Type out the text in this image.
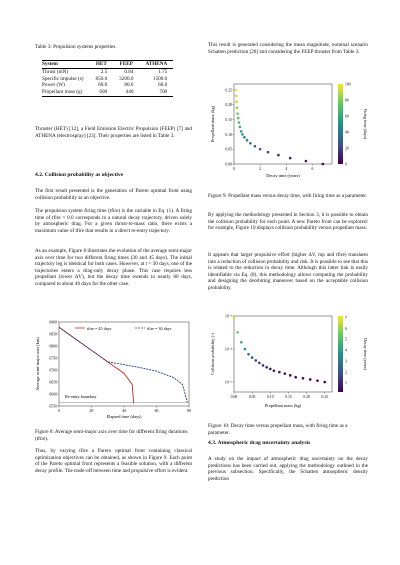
Table 3: Propulsion systems properties.
System	HET	FEEP	ATHENA
Thrust (mN)	2.5	0.84	1.75
Specific impulse (s)	850.0	3200.0	1500.0
Power (W)	60.0	80.0	60.0
Propellant mass (g)	600	440	700

Thruster (HET) [12], a Field Emission Electric Propulsion (FEEP) [7] and ATHENA (electrospray) [23]. Their properties are listed in Table 3.

4.2. Collision probability as objective

The first result presented is the generation of Pareto optimal front using collision probability as an objective.

The propulsion system firing time (tfire) is the variable in Eq. (1). A firing time of tfire = 0.0 corresponds to a natural decay trajectory, driven solely by atmospheric drag. For a given thrust-to-mass ratio, there exists a maximum value of tfire that results in a direct re-entry trajectory.

As an example, Figure 8 illustrates the evolution of the average semi-major axis over time for two different firing times (30 and 45 days). The initial trajectory leg is identical for both cases. However, at t = 30 days, one of the trajectories enters a drag-only decay phase. This case requires less propellant (lower ΔV), but the decay time extends to nearly 80 days, compared to about 46 days for the other case.

tfire = 45 days	tfire = 30 days
6900
6850
6800
6750
6700
6650
6600
6550
0	20	40	60	80
Re-entry boundary
Elapsed time (days)
Average semi-major axis (km)

Figure 8: Average semi-major axis over time for different firing durations (tfire).

Thus, by varying tfire a Pareto optimal front containing classical optimization objectives can be obtained, as shown in Figure 9. Each point of the Pareto optimal front represents a feasible solution, with a different decay profile. The trade-off between time and propulsive effort is evident.

This result is generated considering the mean magnitude, nominal scenario Schatten prediction [20] and considering the FEEP thruster from Table 3.

0.00
0.05
0.10
0.15
0.20
0.25
0	2	4	6
0
20
40
60
80
100
Decay time (years)
Propellant mass (kg)	Firing time (days)

Figure 9: Propellant mass versus decay time, with firing time as a parameter.

By applying the methodology presented in Section 3, it is possible to obtain the collision probability for each point. A new Pareto front can be explored: for example, Figure 10 displays collision probability versus propellant mass.

It appears that larger propulsive effort (higher ΔV, mp and tfire) translates into a reduction of collision probability and risk. It is possible to see that this is related to the reduction in decay time. Although this latter link is easily identifiable via Eq. (8), this methodology allows computing the probability and designing the deorbiting maneuver based on the acceptable collision probability.

10⁻³
10⁻⁴
10⁻⁵
0.00	0.05	0.10	0.15	0.20	0.25
1
2
3
4
5
6
7
Propellant mass (kg)
Collision probability (-)	Decay time (years)

Figure 10: Decay time versus propellant mass, with firing time as a parameter.

4.3. Atmospheric drag uncertainty analysis

A study on the impact of atmospheric drag uncertainty on the decay predictions has been carried out, applying the methodology outlined in the previous subsection. Specifically, the Schatten atmospheric density prediction
